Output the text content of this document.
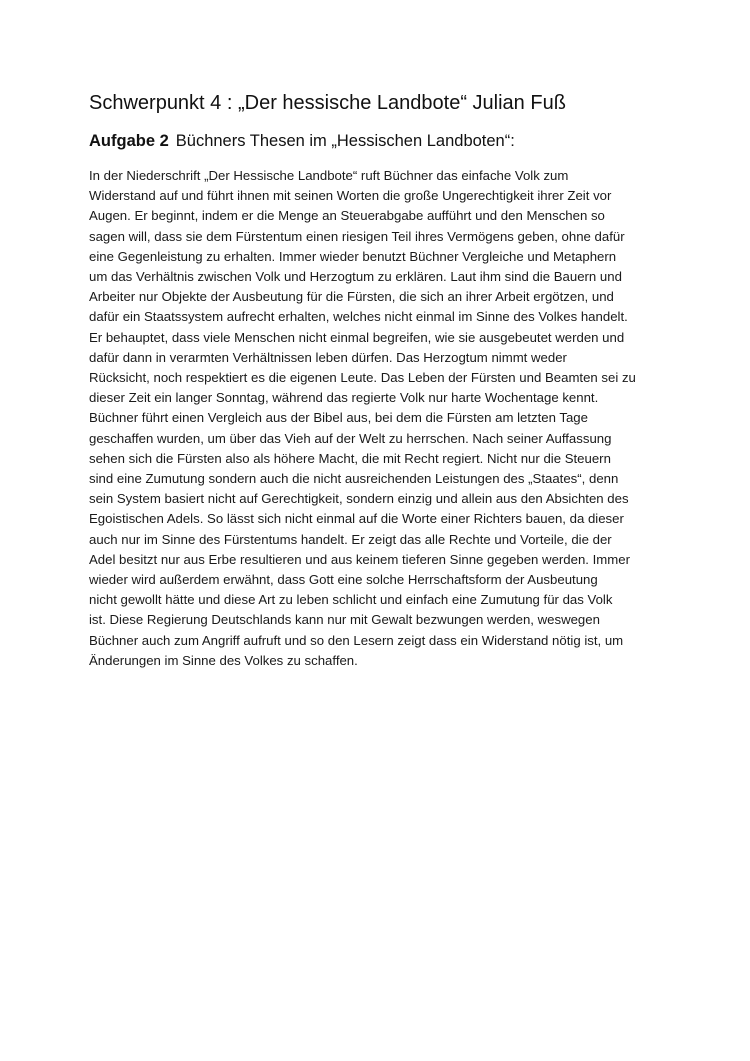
Schwerpunkt 4 : „Der hessische Landbote“ Julian Fuß
Aufgabe 2 Büchners Thesen im „Hessischen Landboten“:
In der Niederschrift „Der Hessische Landbote“ ruft Büchner das einfache Volk zum
Widerstand auf und führt ihnen mit seinen Worten die große Ungerechtigkeit ihrer Zeit vor
Augen. Er beginnt, indem er die Menge an Steuerabgabe aufführt und den Menschen so
sagen will, dass sie dem Fürstentum einen riesigen Teil ihres Vermögens geben, ohne dafür
eine Gegenleistung zu erhalten. Immer wieder benutzt Büchner Vergleiche und Metaphern
um das Verhältnis zwischen Volk und Herzogtum zu erklären. Laut ihm sind die Bauern und
Arbeiter nur Objekte der Ausbeutung für die Fürsten, die sich an ihrer Arbeit ergötzen, und
dafür ein Staatssystem aufrecht erhalten, welches nicht einmal im Sinne des Volkes handelt.
Er behauptet, dass viele Menschen nicht einmal begreifen, wie sie ausgebeutet werden und
dafür dann in verarmten Verhältnissen leben dürfen. Das Herzogtum nimmt weder
Rücksicht, noch respektiert es die eigenen Leute. Das Leben der Fürsten und Beamten sei zu
dieser Zeit ein langer Sonntag, während das regierte Volk nur harte Wochentage kennt.
Büchner führt einen Vergleich aus der Bibel aus, bei dem die Fürsten am letzten Tage
geschaffen wurden, um über das Vieh auf der Welt zu herrschen. Nach seiner Auffassung
sehen sich die Fürsten also als höhere Macht, die mit Recht regiert. Nicht nur die Steuern
sind eine Zumutung sondern auch die nicht ausreichenden Leistungen des „Staates“, denn
sein System basiert nicht auf Gerechtigkeit, sondern einzig und allein aus den Absichten des
Egoistischen Adels. So lässt sich nicht einmal auf die Worte einer Richters bauen, da dieser
auch nur im Sinne des Fürstentums handelt. Er zeigt das alle Rechte und Vorteile, die der
Adel besitzt nur aus Erbe resultieren und aus keinem tieferen Sinne gegeben werden. Immer
wieder wird außerdem erwähnt, dass Gott eine solche Herrschaftsform der Ausbeutung
nicht gewollt hätte und diese Art zu leben schlicht und einfach eine Zumutung für das Volk
ist. Diese Regierung Deutschlands kann nur mit Gewalt bezwungen werden, weswegen
Büchner auch zum Angriff aufruft und so den Lesern zeigt dass ein Widerstand nötig ist, um
Änderungen im Sinne des Volkes zu schaffen.
